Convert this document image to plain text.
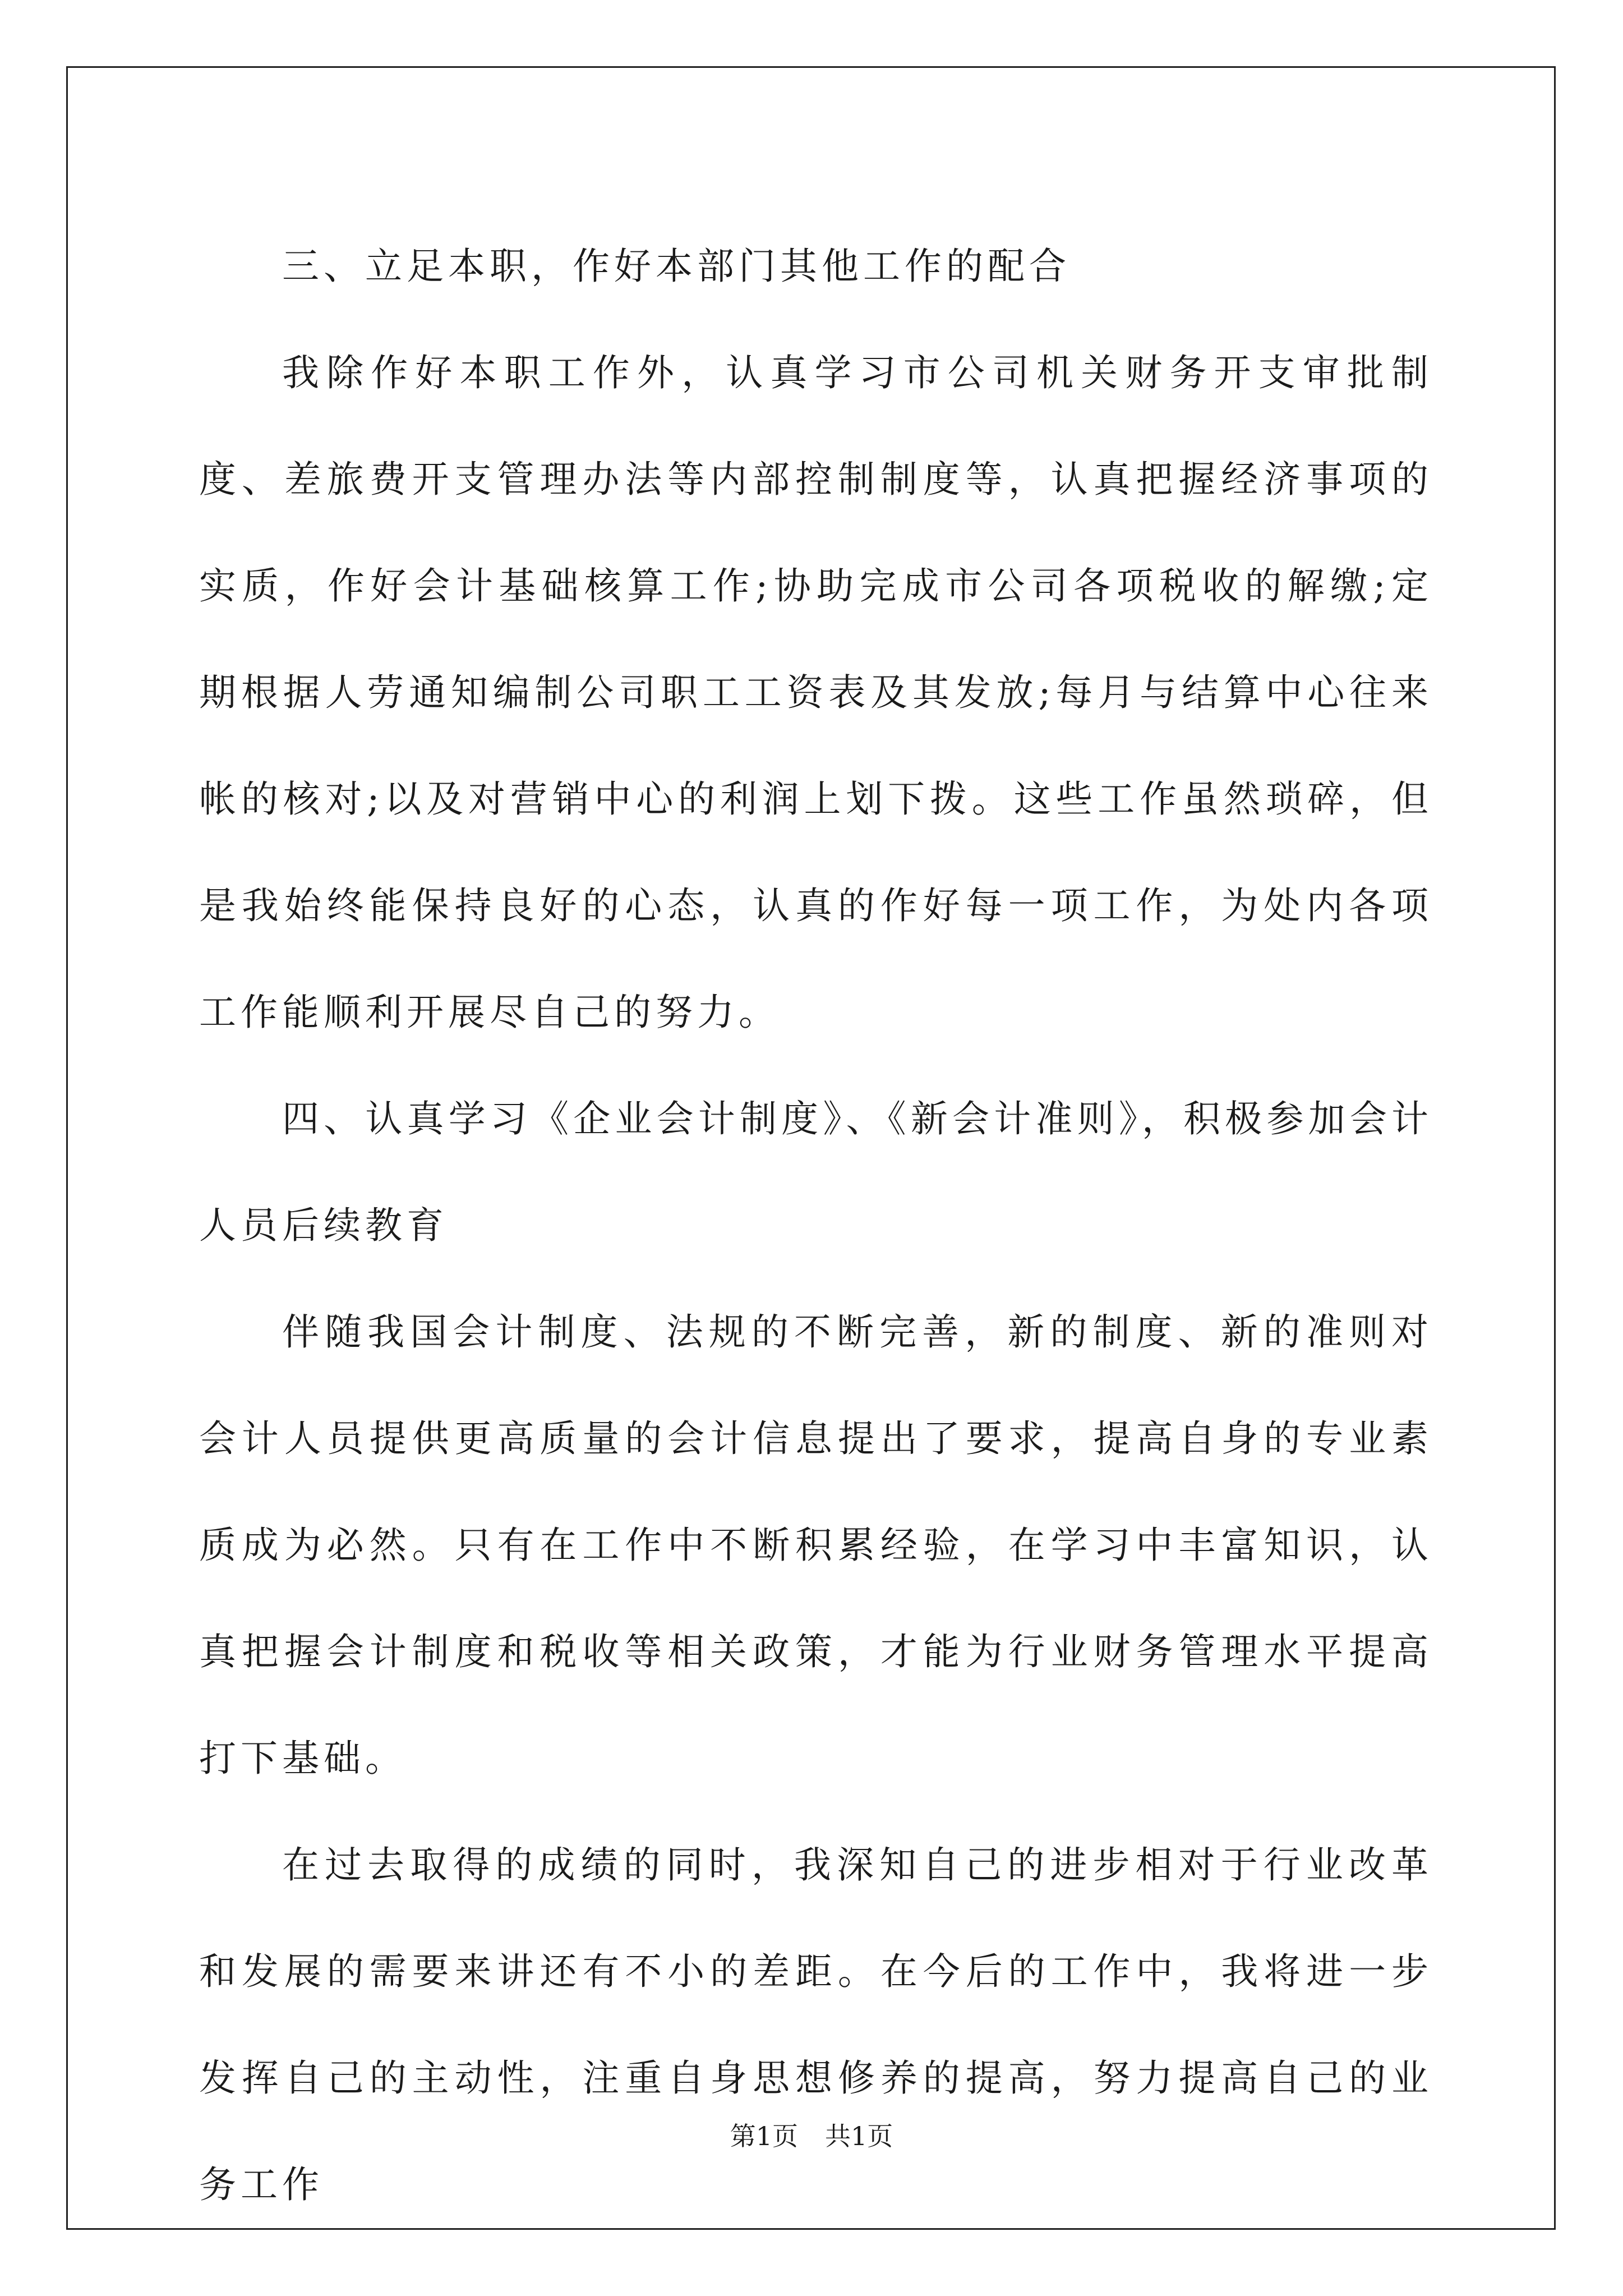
三、立足本职，作好本部门其他工作的配合

我除作好本职工作外，认真学习市公司机关财务开支审批制度、差旅费开支管理办法等内部控制制度等，认真把握经济事项的实质，作好会计基础核算工作;协助完成市公司各项税收的解缴;定期根据人劳通知编制公司职工工资表及其发放;每月与结算中心往来帐的核对;以及对营销中心的利润上划下拨。这些工作虽然琐碎，但是我始终能保持良好的心态，认真的作好每一项工作，为处内各项工作能顺利开展尽自己的努力。

四、认真学习《企业会计制度》、《新会计准则》，积极参加会计人员后续教育

伴随我国会计制度、法规的不断完善，新的制度、新的准则对会计人员提供更高质量的会计信息提出了要求，提高自身的专业素质成为必然。只有在工作中不断积累经验，在学习中丰富知识，认真把握会计制度和税收等相关政策，才能为行业财务管理水平提高打下基础。

在过去取得的成绩的同时，我深知自己的进步相对于行业改革和发展的需要来讲还有不小的差距。在今后的工作中，我将进一步发挥自己的主动性，注重自身思想修养的提高，努力提高自己的业务工作

第1页 共1页
